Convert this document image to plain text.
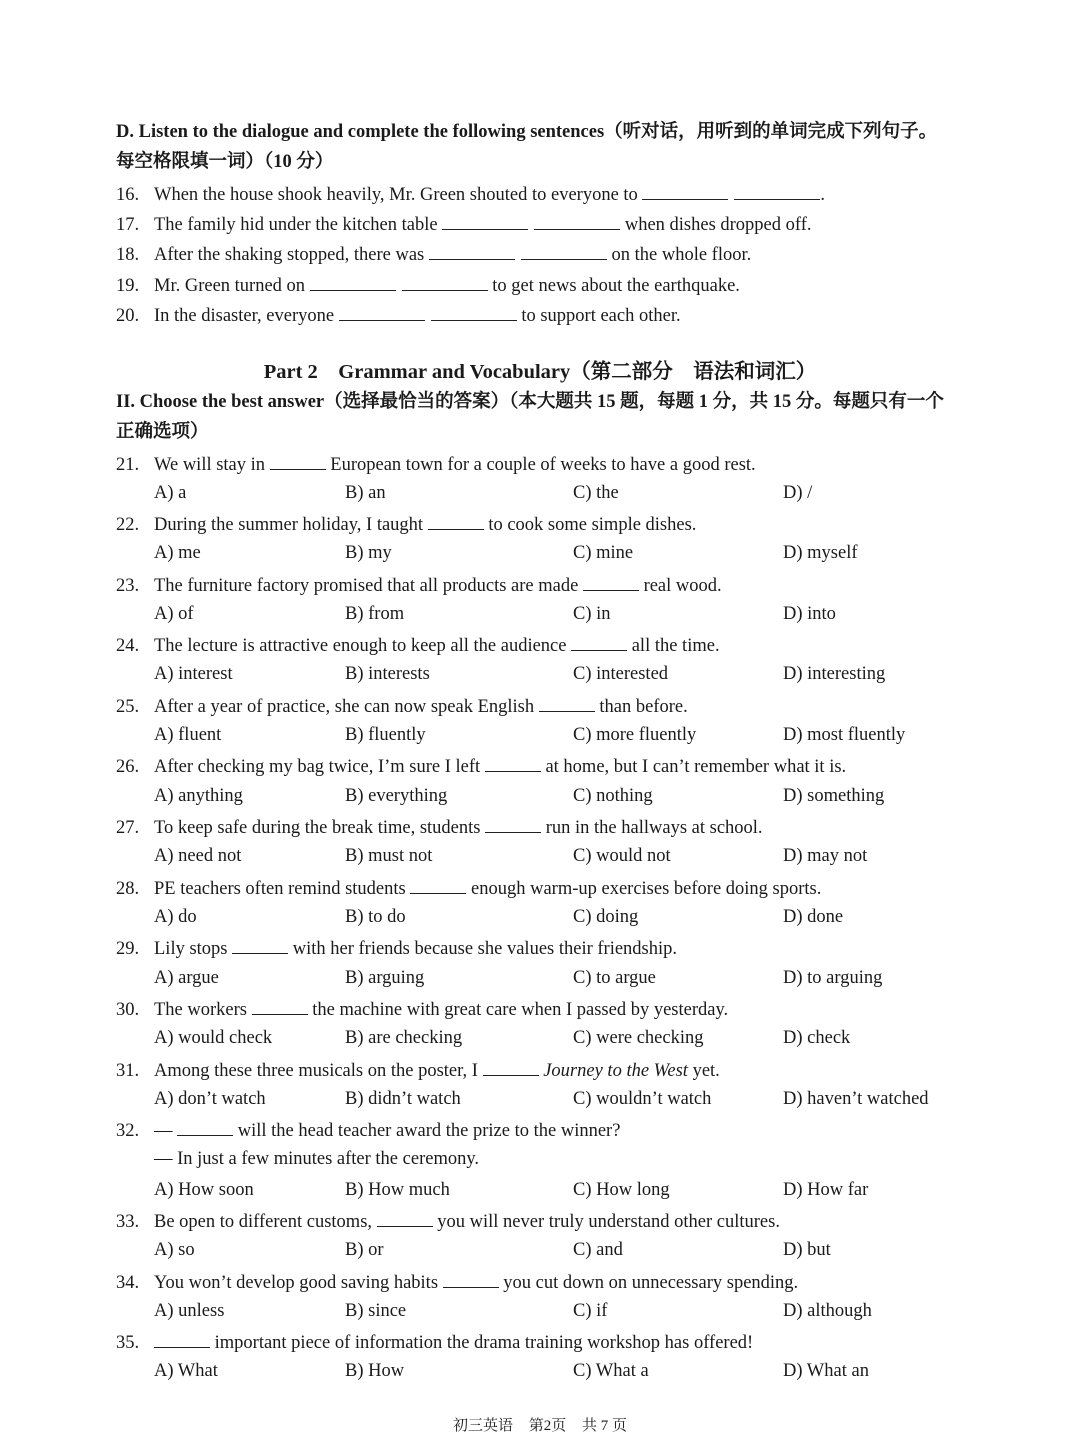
D. Listen to the dialogue and complete the following sentences（听对话，用听到的单词完成下列句子。
每空格限填一词）（10 分）
16. When the house shook heavily, Mr. Green shouted to everyone to	.
17. The family hid under the kitchen table	when dishes dropped off.
18. After the shaking stopped, there was	on the whole floor.
19. Mr. Green turned on	to get news about the earthquake.
20. In the disaster, everyone	to support each other.
Part 2　Grammar and Vocabulary（第二部分　语法和词汇）
II. Choose the best answer（选择最恰当的答案）（本大题共 15 题，每题 1 分，共 15 分。每题只有一个
正确选项）
21. We will stay in	European town for a couple of weeks to have a good rest.
A) a	B) an	C) the	D) /
22. During the summer holiday, I taught	to cook some simple dishes.
A) me	B) my	C) mine	D) myself
23. The furniture factory promised that all products are made	real wood.
A) of	B) from	C) in	D) into
24. The lecture is attractive enough to keep all the audience	all the time.
A) interest	B) interests	C) interested	D) interesting
25. After a year of practice, she can now speak English	than before.
A) fluent	B) fluently	C) more fluently	D) most fluently
26. After checking my bag twice, I’m sure I left	at home, but I can’t remember what it is.
A) anything	B) everything	C) nothing	D) something
27. To keep safe during the break time, students	run in the hallways at school.
A) need not	B) must not	C) would not	D) may not
28. PE teachers often remind students	enough warm-up exercises before doing sports.
A) do	B) to do	C) doing	D) done
29. Lily stops	with her friends because she values their friendship.
A) argue	B) arguing	C) to argue	D) to arguing
30. The workers	the machine with great care when I passed by yesterday.
A) would check	B) are checking	C) were checking	D) check
31. Among these three musicals on the poster, I	Journey to the West yet.
A) don’t watch	B) didn’t watch	C) wouldn’t watch	D) haven’t watched
32. —	will the head teacher award the prize to the winner?
— In just a few minutes after the ceremony.
A) How soon	B) How much	C) How long	D) How far
33. Be open to different customs,	you will never truly understand other cultures.
A) so	B) or	C) and	D) but
34. You won’t develop good saving habits	you cut down on unnecessary spending.
A) unless	B) since	C) if	D) although
35.	important piece of information the drama training workshop has offered!
A) What	B) How	C) What a	D) What an
初三英语 第2页 共 7 页
